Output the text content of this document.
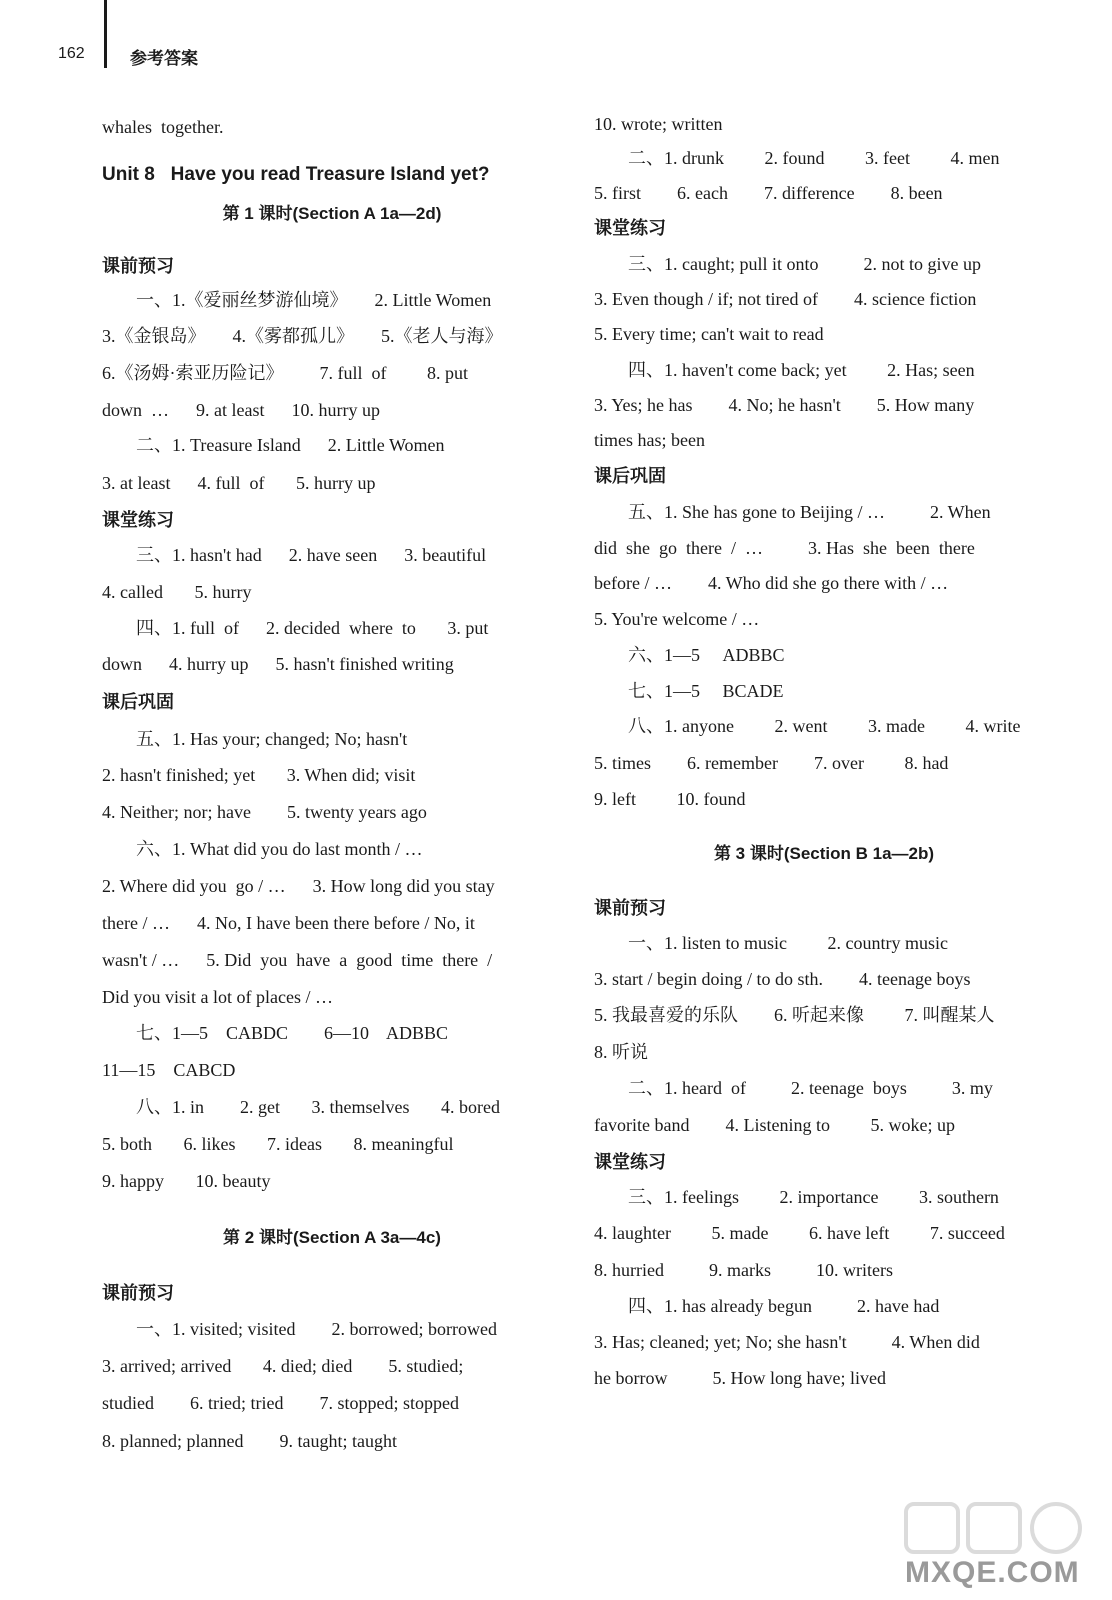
162	参考答案
whales  together.
Unit 8   Have you read Treasure Island yet?
第 1 课时(Section A 1a—2d)
课前预习
一、1.《爱丽丝梦游仙境》      2. Little Women
3.《金银岛》      4.《雾都孤儿》      5.《老人与海》
6.《汤姆·索亚历险记》        7. full  of         8. put
down  …      9. at least      10. hurry up
二、1. Treasure Island      2. Little Women
3. at least      4. full  of       5. hurry up
课堂练习
三、1. hasn't had      2. have seen      3. beautiful
4. called       5. hurry
四、1. full  of      2. decided  where  to       3. put
down      4. hurry up      5. hasn't finished writing
课后巩固
五、1. Has your; changed; No; hasn't
2. hasn't finished; yet       3. When did; visit
4. Neither; nor; have        5. twenty years ago
六、1. What did you do last month / …
2. Where did you  go / …      3. How long did you stay
there / …      4. No, I have been there before / No, it
wasn't / …      5. Did  you  have  a  good  time  there  /
Did you visit a lot of places / …
七、1—5    CABDC        6—10    ADBBC
11—15    CABCD
八、1. in        2. get       3. themselves       4. bored
5. both       6. likes       7. ideas       8. meaningful
9. happy       10. beauty
第 2 课时(Section A 3a—4c)
课前预习
一、1. visited; visited        2. borrowed; borrowed
3. arrived; arrived       4. died; died        5. studied;
studied        6. tried; tried        7. stopped; stopped
8. planned; planned        9. taught; taught
10. wrote; written
二、1. drunk         2. found         3. feet         4. men
5. first        6. each        7. difference        8. been
课堂练习
三、1. caught; pull it onto          2. not to give up
3. Even though / if; not tired of        4. science fiction
5. Every time; can't wait to read
四、1. haven't come back; yet         2. Has; seen
3. Yes; he has        4. No; he hasn't        5. How many
times has; been
课后巩固
五、1. She has gone to Beijing / …          2. When
did  she  go  there  /  …          3. Has  she  been  there
before / …        4. Who did she go there with / …
5. You're welcome / …
六、1—5     ADBBC
七、1—5     BCADE
八、1. anyone         2. went         3. made         4. write
5. times        6. remember        7. over         8. had
9. left         10. found
第 3 课时(Section B 1a—2b)
课前预习
一、1. listen to music         2. country music
3. start / begin doing / to do sth.        4. teenage boys
5. 我最喜爱的乐队        6. 听起来像         7. 叫醒某人
8. 听说
二、1. heard  of          2. teenage  boys          3. my
favorite band        4. Listening to         5. woke; up
课堂练习
三、1. feelings         2. importance         3. southern
4. laughter         5. made         6. have left         7. succeed
8. hurried          9. marks          10. writers
四、1. has already begun          2. have had
3. Has; cleaned; yet; No; she hasn't          4. When did
he borrow          5. How long have; lived
MXQE.COM
